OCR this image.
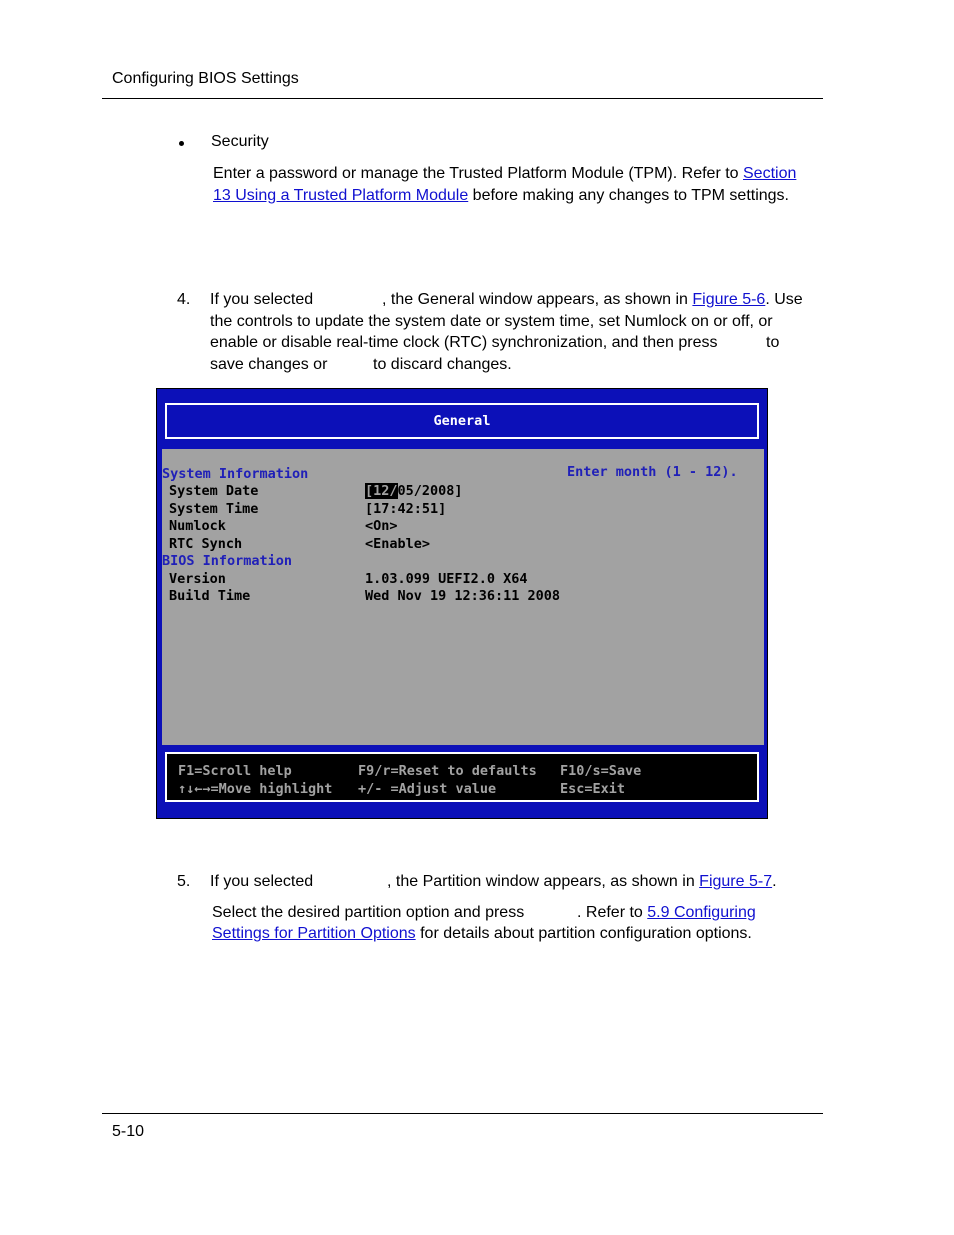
Configuring BIOS Settings
Security
Enter a password or manage the Trusted Platform Module (TPM). Refer to Section
13 Using a Trusted Platform Module before making any changes to TPM settings.
4. If you selected	, the General window appears, as shown in Figure 5-6. Use
the controls to update the system date or system time, set Numlock on or off, or
enable or disable real-time clock (RTC) synchronization, and then press	to
save changes or	to discard changes.
General
System Information	Enter month (1 - 12).
System Date	[12/05/2008]
System Time	[17:42:51]
Numlock	<On>
RTC Synch	<Enable>
BIOS Information
Version	1.03.099 UEFI2.0 X64
Build Time	Wed Nov 19 12:36:11 2008
F1=Scroll help	F9/r=Reset to defaults F10/s=Save
↑↓←→=Move highlight +/- =Adjust value	Esc=Exit
5. If you selected	, the Partition window appears, as shown in Figure 5-7.
Select the desired partition option and press	. Refer to 5.9 Configuring
Settings for Partition Options for details about partition configuration options.
5-10
